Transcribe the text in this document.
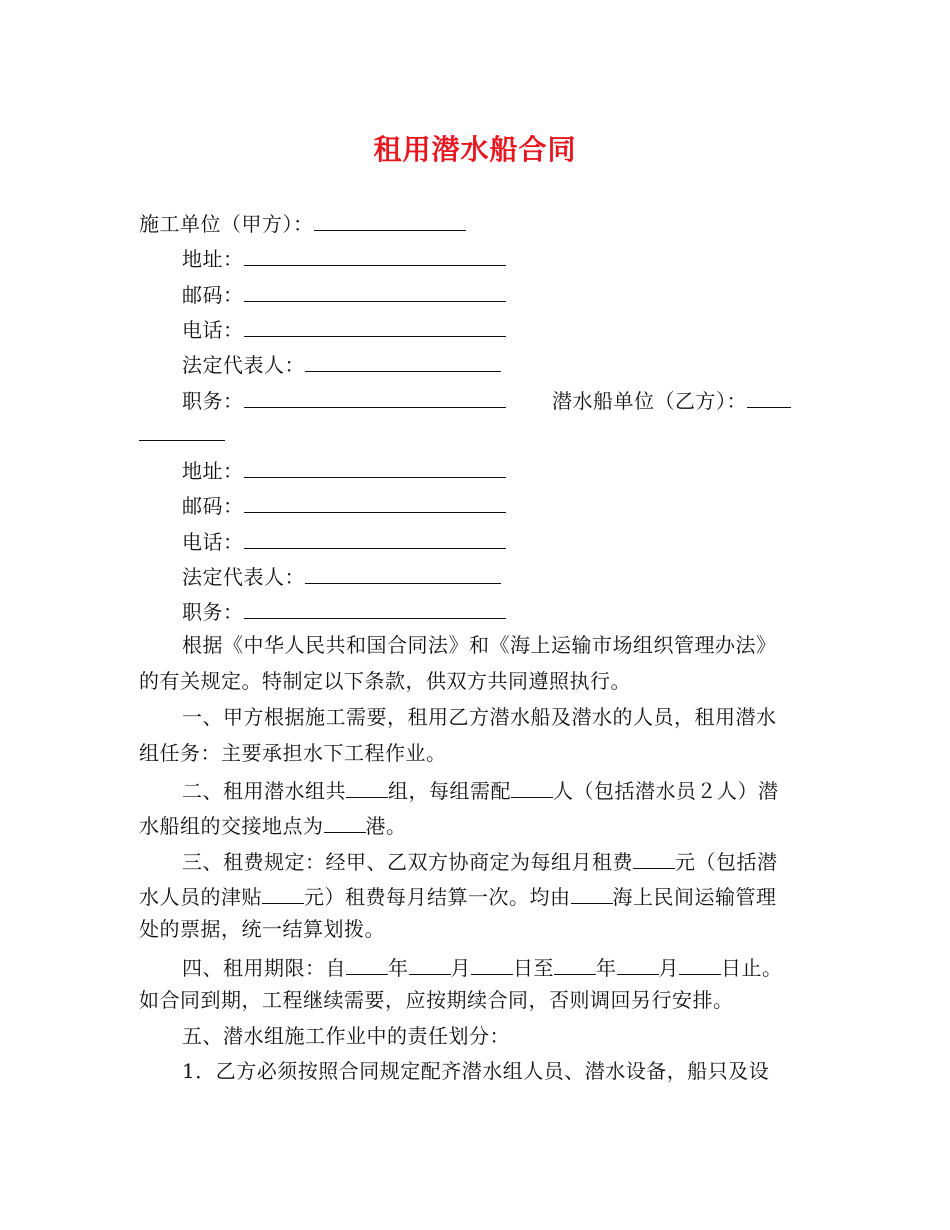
租用潜水船合同
施工单位（甲方）：
地址：
邮码：
电话：
法定代表人：
职务：	潜水船单位（乙方）：
地址：
邮码：
电话：
法定代表人：
职务：
根据《中华人民共和国合同法》和《海上运输市场组织管理办法》
的有关规定。特制定以下条款，供双方共同遵照执行。
一、甲方根据施工需要，租用乙方潜水船及潜水的人员，租用潜水
组任务：主要承担水下工程作业。
二、租用潜水组共 组，每组需配 人（包括潜水员２人）潜
水船组的交接地点为 港。
三、租费规定：经甲、乙双方协商定为每组月租费 元（包括潜
水人员的津贴 元）租费每月结算一次。均由 海上民间运输管理
处的票据，统一结算划拨。
四、租用期限：自 年 月 日至 年 月 日止。
如合同到期，工程继续需要，应按期续合同，否则调回另行安排。
五、潜水组施工作业中的责任划分：
1．乙方必须按照合同规定配齐潜水组人员、潜水设备，船只及设
